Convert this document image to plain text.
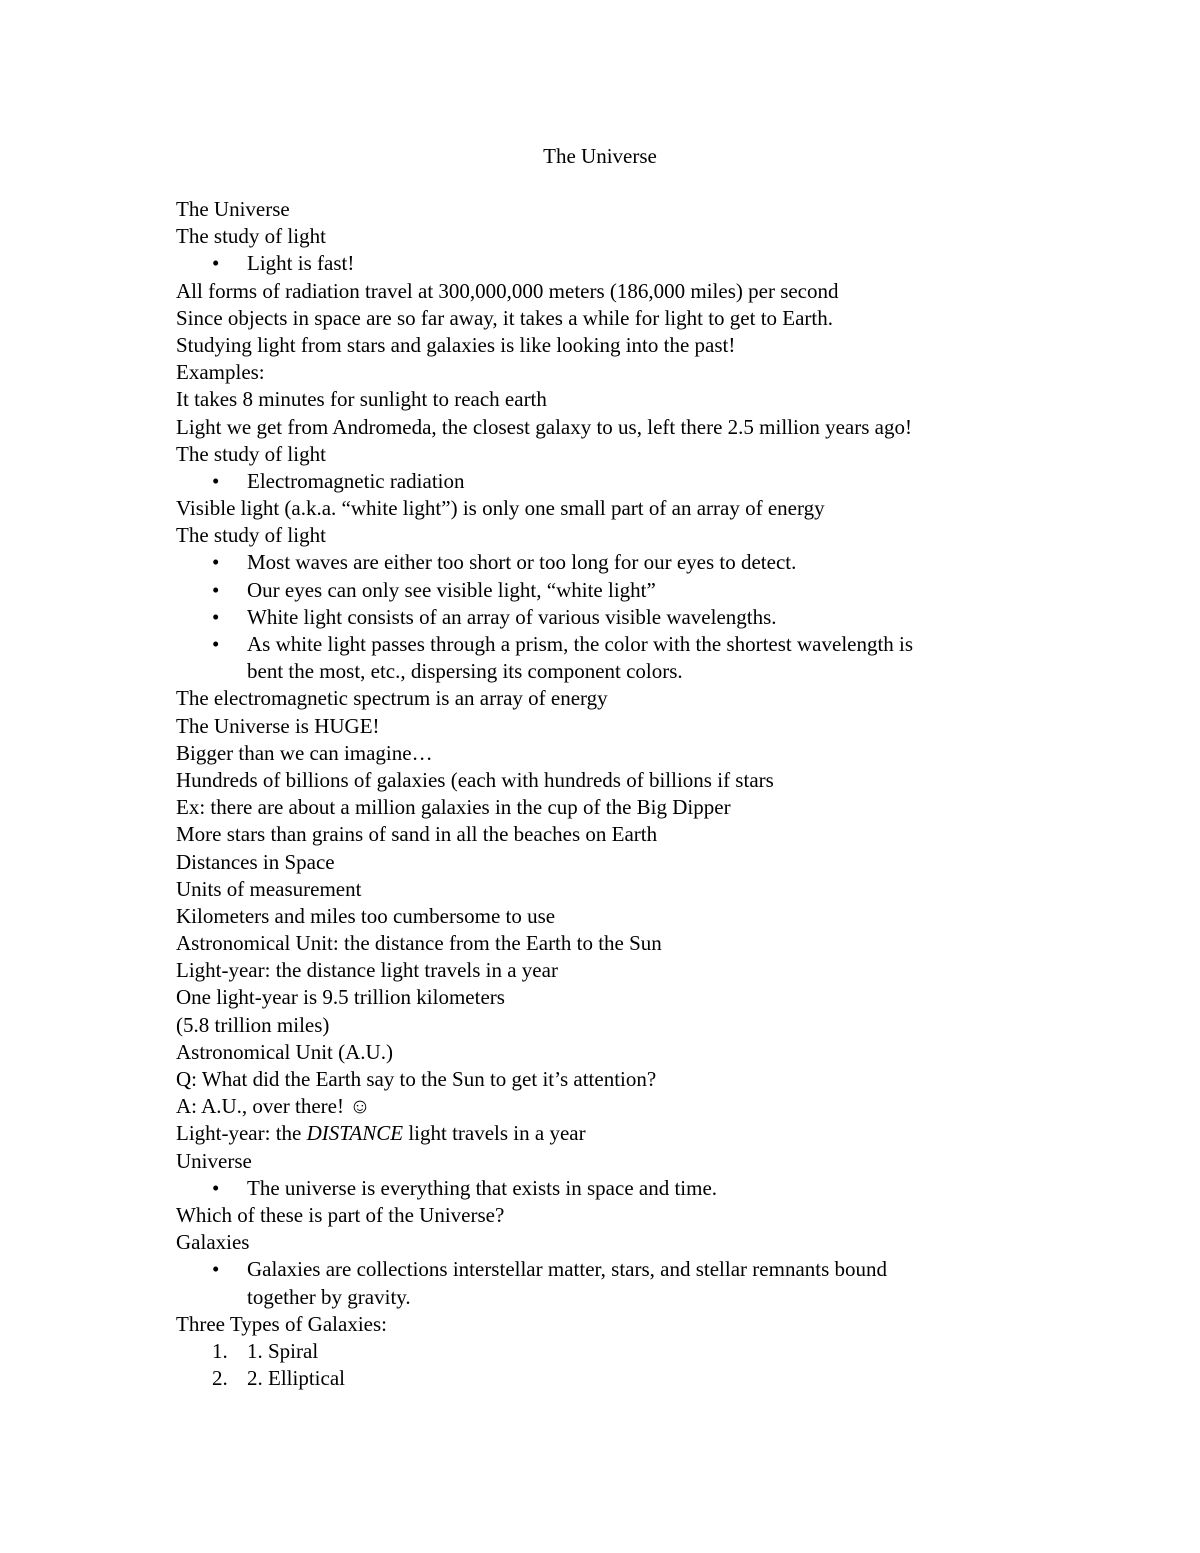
The Universe
The Universe
The study of light
• Light is fast!
All forms of radiation travel at 300,000,000 meters (186,000 miles) per second
Since objects in space are so far away, it takes a while for light to get to Earth.
Studying light from stars and galaxies is like looking into the past!
Examples:
It takes 8 minutes for sunlight to reach earth
Light we get from Andromeda, the closest galaxy to us, left there 2.5 million years ago!
The study of light
• Electromagnetic radiation
Visible light (a.k.a. “white light”) is only one small part of an array of energy
The study of light
• Most waves are either too short or too long for our eyes to detect.
• Our eyes can only see visible light, “white light”
• White light consists of an array of various visible wavelengths.
• As white light passes through a prism, the color with the shortest wavelength is
bent the most, etc., dispersing its component colors.
The electromagnetic spectrum is an array of energy
The Universe is HUGE!
Bigger than we can imagine…
Hundreds of billions of galaxies (each with hundreds of billions if stars
Ex: there are about a million galaxies in the cup of the Big Dipper
More stars than grains of sand in all the beaches on Earth
Distances in Space
Units of measurement
Kilometers and miles too cumbersome to use
Astronomical Unit: the distance from the Earth to the Sun
Light-year: the distance light travels in a year
One light-year is 9.5 trillion kilometers
(5.8 trillion miles)
Astronomical Unit (A.U.)
Q: What did the Earth say to the Sun to get it’s attention?
A: A.U., over there! ☺
Light-year: the DISTANCE light travels in a year
Universe
• The universe is everything that exists in space and time.
Which of these is part of the Universe?
Galaxies
• Galaxies are collections interstellar matter, stars, and stellar remnants bound
together by gravity.
Three Types of Galaxies:
1. 1. Spiral
2. 2. Elliptical
